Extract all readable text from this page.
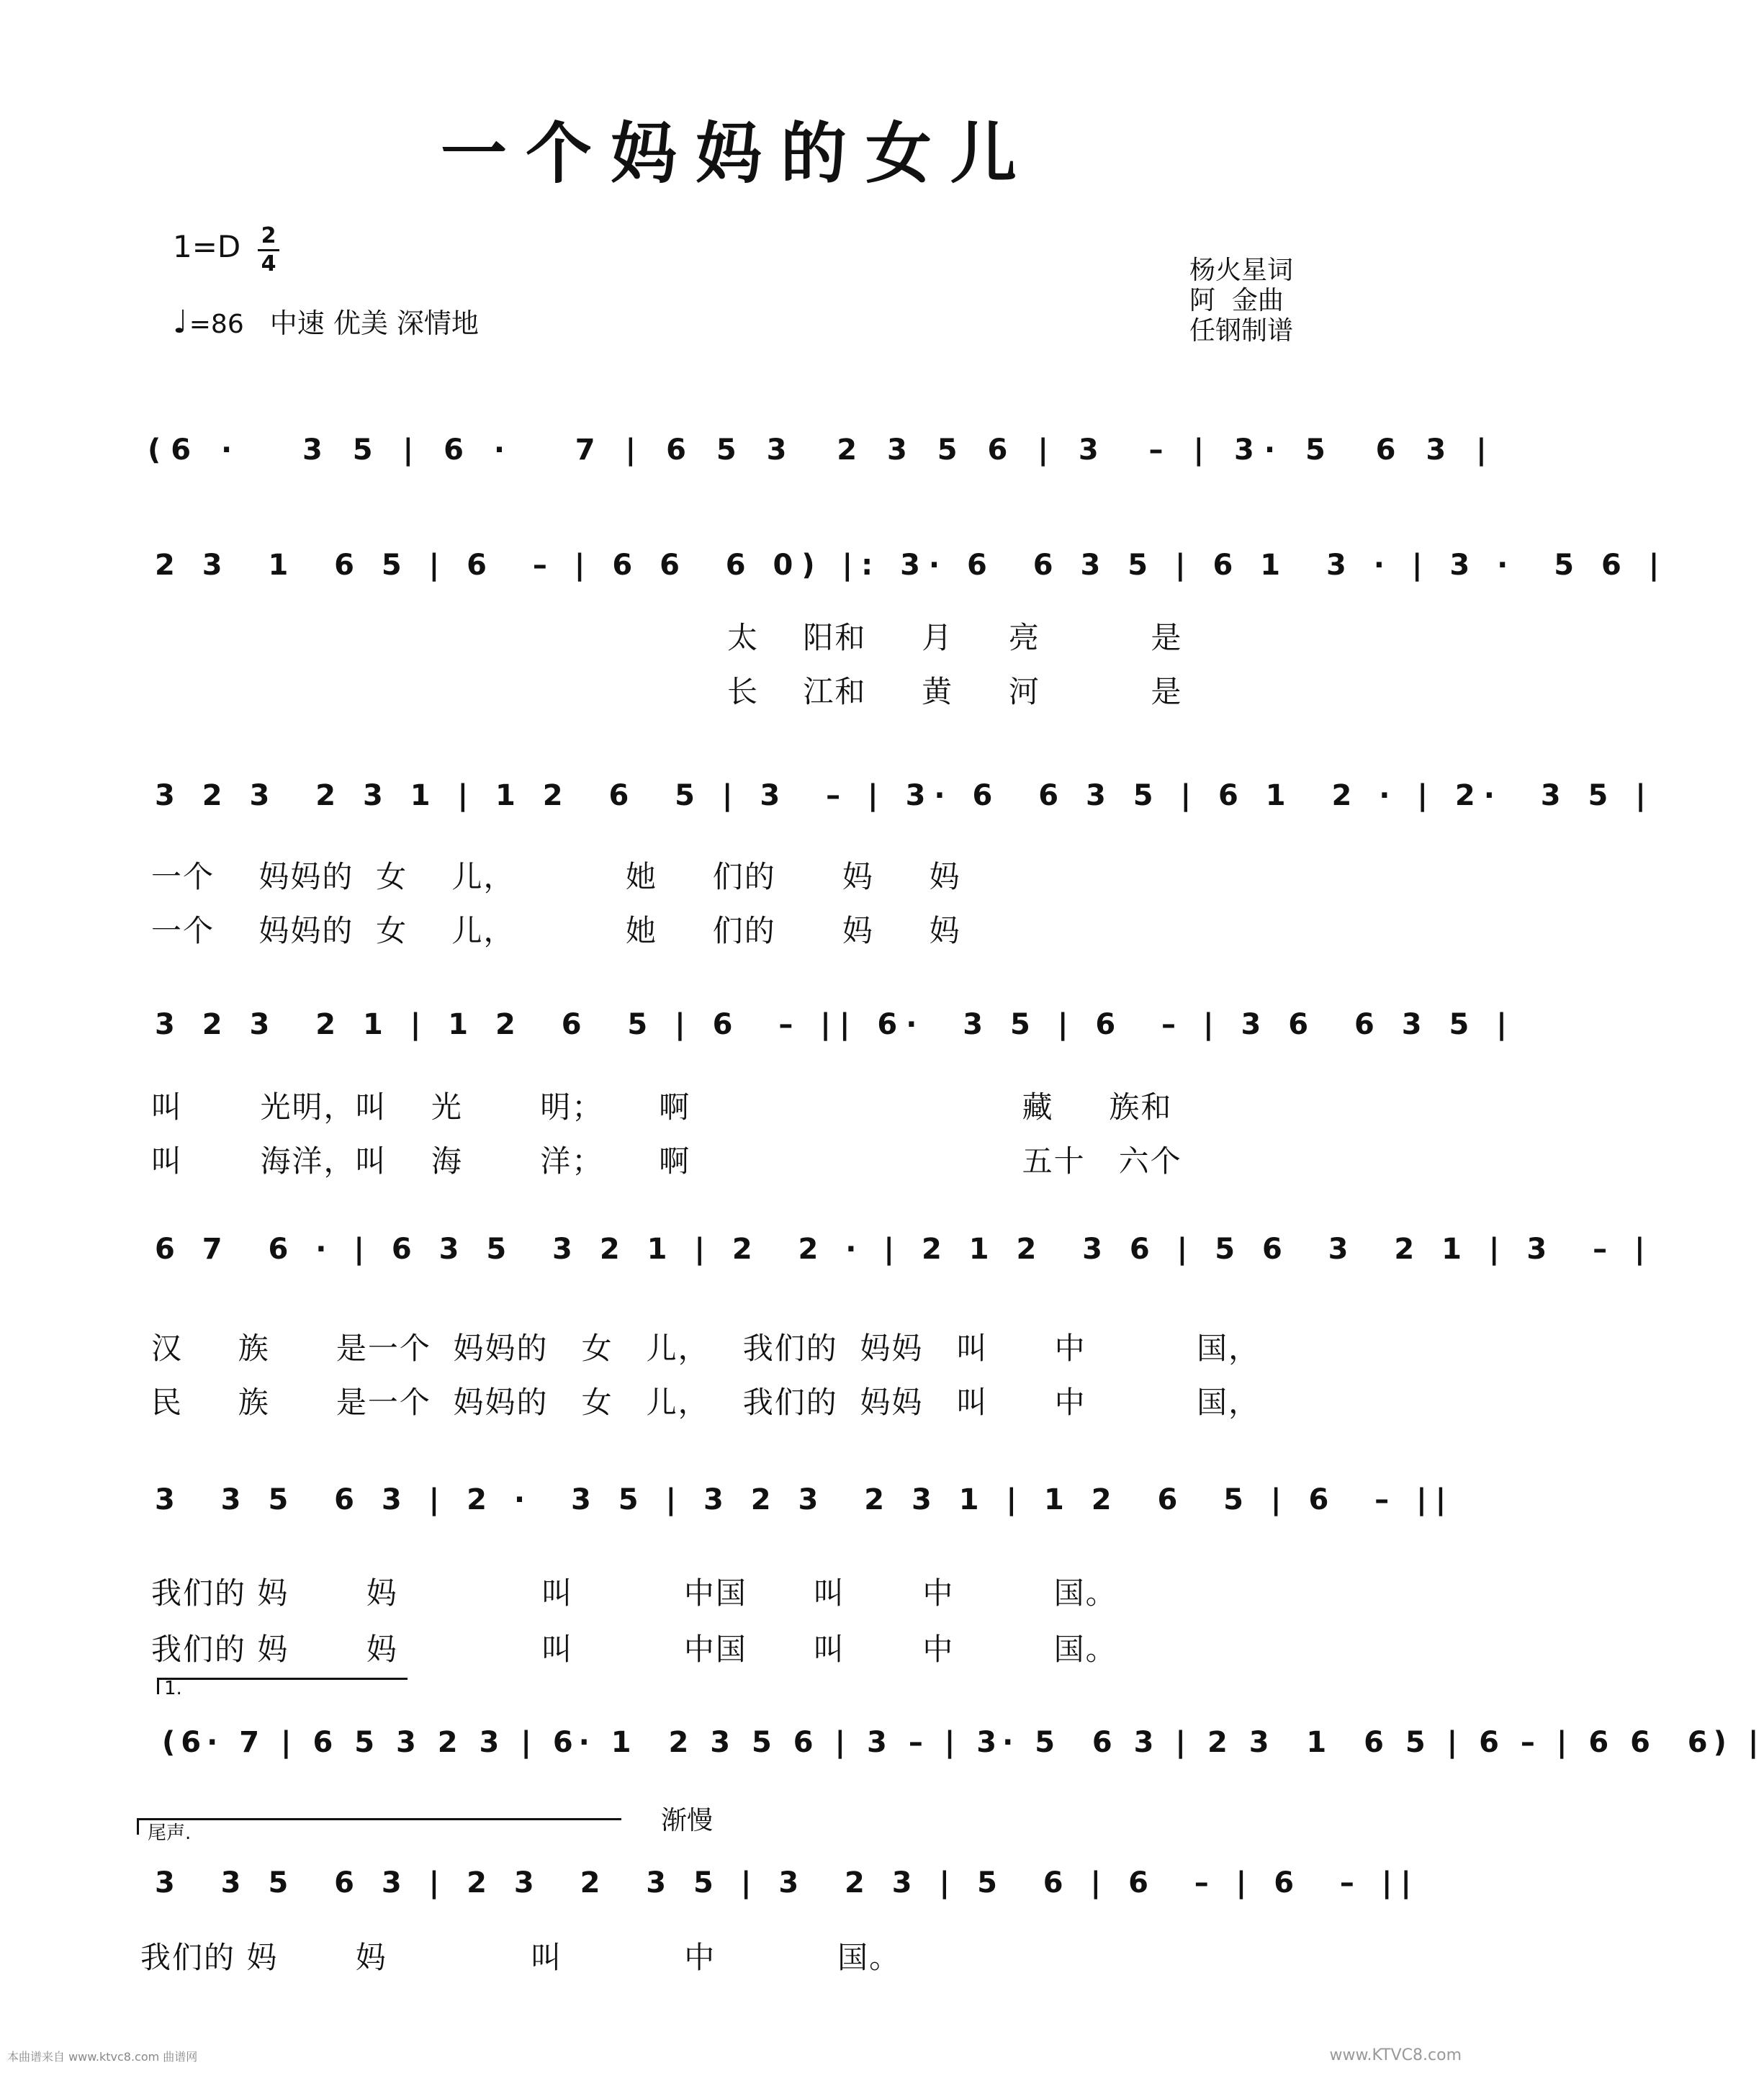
一个妈妈的女儿
1=D 2
4
♩=86 中速 优美 深情地
杨火星词
阿  金曲
任钢制谱
(6 ·   3 5 | 6 ·   7 | 6 5 3  2 3 5 6 | 3  – | 3· 5  6 3 |
2 3  1  6 5 | 6  – | 6 6  6 0) |: 3· 6  6 3 5 | 6 1  3 · | 3 ·  5 6 |
太    阳和     月     亮          是
长    江和     黄     河          是
3 2 3  2 3 1 | 1 2  6  5 | 3  – | 3· 6  6 3 5 | 6 1  2 · | 2·  3 5 |
一个    妈妈的  女    儿，          她     们的      妈     妈
一个    妈妈的  女    儿，          她     们的      妈     妈
3 2 3  2 1 | 1 2  6  5 | 6  – || 6·  3 5 | 6  – | 3 6  6 3 5 |
叫       光明，叫    光       明；     啊                              藏     族和
叫       海洋，叫    海       洋；     啊                              五十   六个
6 7  6 · | 6 3 5  3 2 1 | 2  2 · | 2 1 2  3 6 | 5 6  3  2 1 | 3  – |
汉     族      是一个  妈妈的   女   儿，   我们的  妈妈   叫      中          国，
民     族      是一个  妈妈的   女   儿，   我们的  妈妈   叫      中          国，
3  3 5  6 3 | 2 ·  3 5 | 3 2 3  2 3 1 | 1 2  6  5 | 6  – ||
我们的 妈       妈             叫          中国      叫       中         国。
我们的 妈       妈             叫          中国      叫       中         国。
1.
(6· 7 | 6 5 3 2 3 | 6· 1  2 3 5 6 | 3 – | 3· 5  6 3 | 2 3  1  6 5 | 6 – | 6 6  6) |
尾声.	渐慢
3  3 5  6 3 | 2 3  2  3 5 | 3  2 3 | 5  6 | 6  – | 6  – ||
我们的 妈       妈             叫           中           国。
本曲谱来自 www.ktvc8.com 曲谱网	www.KTVC8.com
